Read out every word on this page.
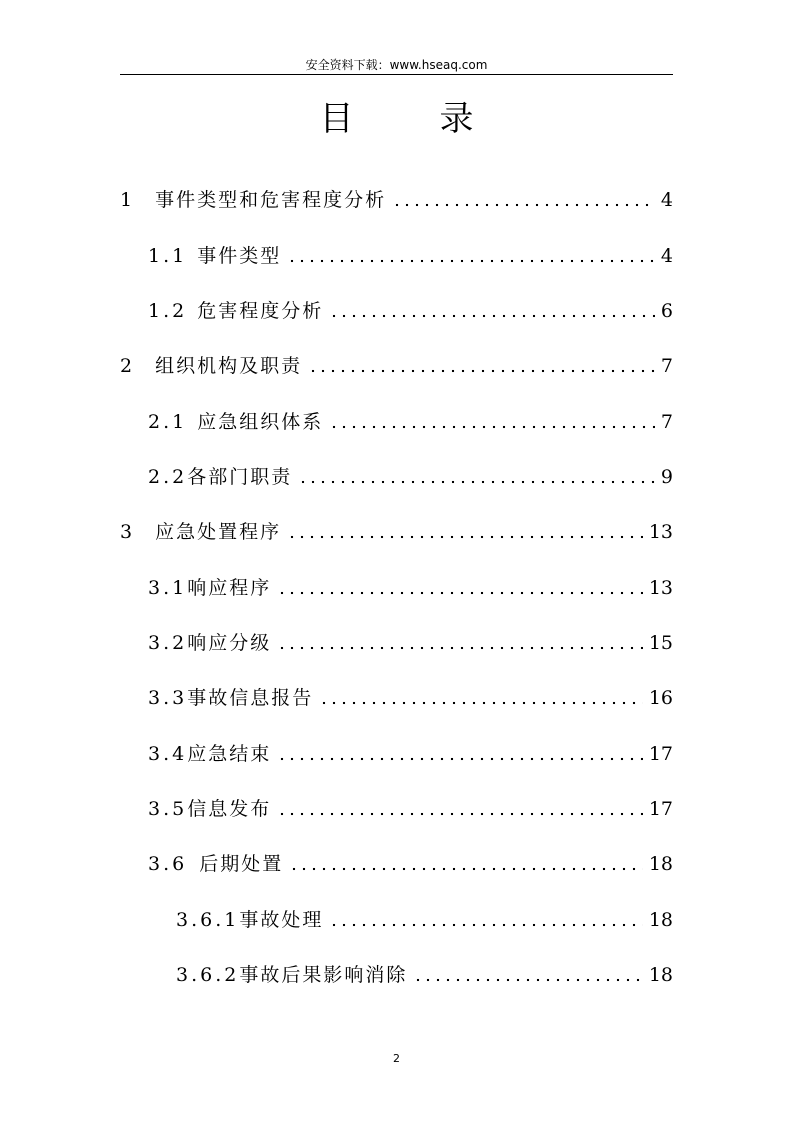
安全资料下载：www.hseaq.com
目	录
1 事件类型和危害程度分析	4
1.1 事件类型	4
1.2 危害程度分析	6
2 组织机构及职责	7
2.1 应急组织体系	7
2.2 各部门职责	9
3 应急处置程序	13
3.1 响应程序	13
3.2 响应分级	15
3.3 事故信息报告	16
3.4 应急结束	17
3.5 信息发布	17
3.6 后期处置	18
3.6.1 事故处理	18
3.6.2 事故后果影响消除	18
2
